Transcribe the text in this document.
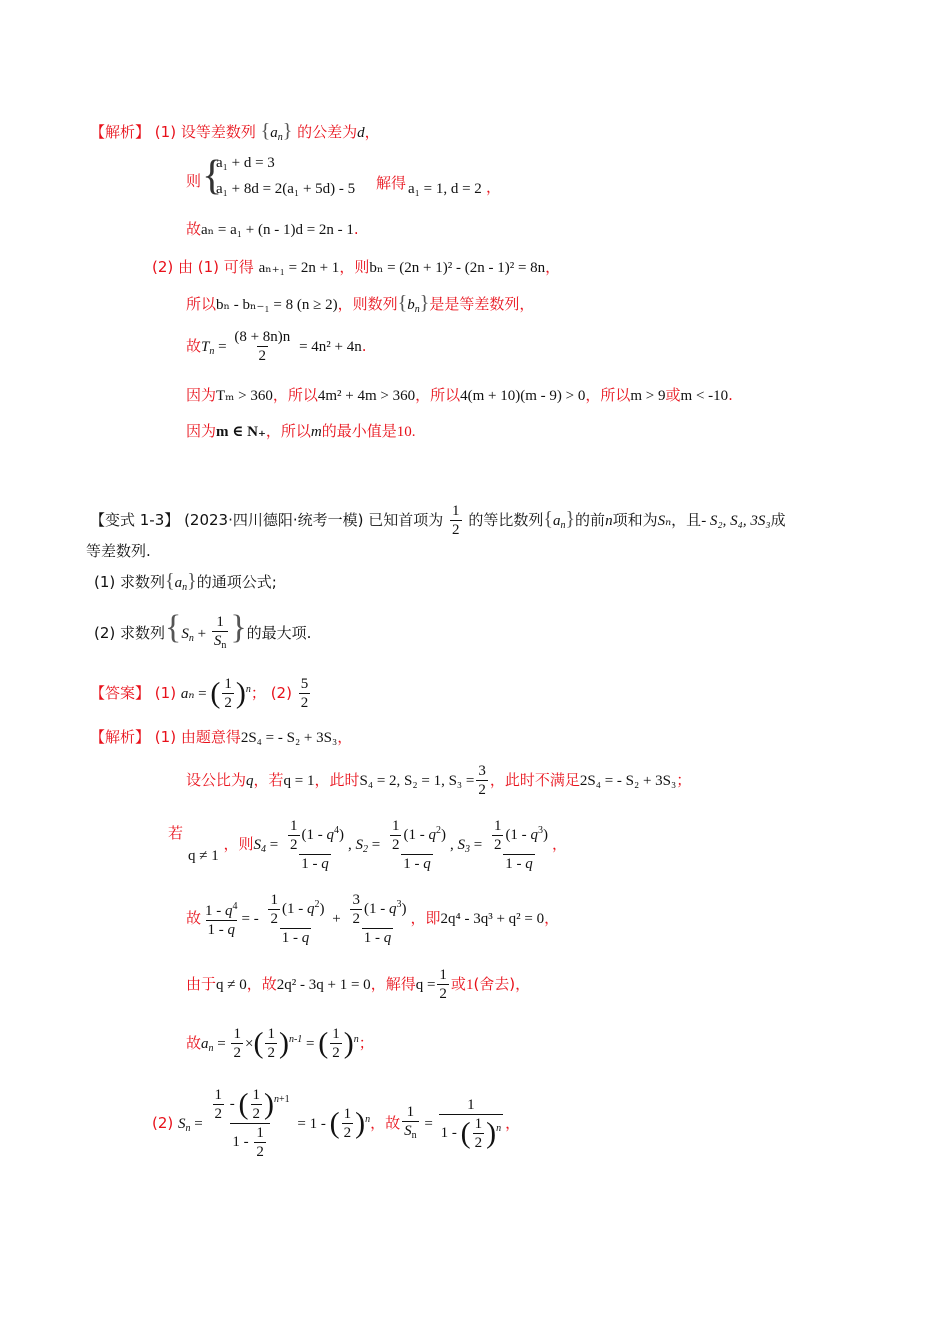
【解析】 (1) 设等差数列 $\{a_n\}$ 的公差为d，
则 {
a₁ + d = 3
a₁ + 8d = 2(a₁ + 5d) - 5 解得 a₁ = 1, d = 2 ，
故aₙ = a₁ + (n - 1)d = 2n - 1.
(2) 由 (1) 可得 aₙ₊₁ = 2n + 1，则bₙ = (2n + 1)² - (2n - 1)² = 8n，
所以bₙ - bₙ₋₁ = 8 (n ≥ 2)，则数列$\{b_n\}$是是等差数列，
故$T_n = \frac{(8 + 8n)n}{2} = 4n^2 + 4n$.
因为Tₘ > 360，所以4m² + 4m > 360，所以4(m + 10)(m - 9) > 0，所以m > 9或m < -10.
因为m ∈ N₊，所以m的最小值是10.
【变式 1-3】 (2023·四川德阳·统考一模) 已知首项为 $\frac{1}{2}$ 的等比数列$\{a_n\}$的前n项和为Sₙ，且- S₂, S₄, 3S₃成
等差数列.
(1) 求数列$\{a_n\}$的通项公式;
(2) 求数列{$S_n + \frac{1}{S_n}$ }的最大项.
【答案】 (1) aₙ = ( $\frac{1}{2} )^n$； $(2) \frac{5}{2}$
【解析】 (1) 由题意得2S₄ = - S₂ + 3S₃，
设公比为q，若q = 1，此时S₄ = 2, S₂ = 1, $S_3 = \frac{3}{2}$ ，此时不满足2S₄ = - S₂ + 3S₃；
若
q ≠ 1 ，则$S_4 = \frac{\frac{1}{2} (1 - q^4)}{1 - q}$ , $S_2 = \frac{\frac{1}{2} (1 - q^2)}{1 - q}$ , $S_3 = \frac{\frac{1}{2} (1 - q^3)}{1 - q}$ ，
故 $\frac{1 - q^4}{1 - q}$ = - $\frac{\frac{1}{2} (1 - q^2)}{1 - q} + \frac{\frac{3}{2} (1 - q^3)}{1 - q}$ ，即2q⁴ - 3q³ + q² = 0，
由于q ≠ 0，故2q² - 3q + 1 = 0，解得$q = \frac{1}{2}$ 或1(舍去)，
故$a_n = \frac{1}{2}$ ×( $\frac{1}{2} )^{n-1}$ = ( $\frac{1}{2} )^n$；
(2) $S_n = \frac{\frac{1}{2} - ( \frac{1}{2} )^{n+1}}{1 - \frac{1}{2}} = 1$ - ( $\frac{1}{2} )^n$，故 $\frac{1}{S_n} = \frac{1}{1 - ( \frac{1}{2} )^n}$ ，
